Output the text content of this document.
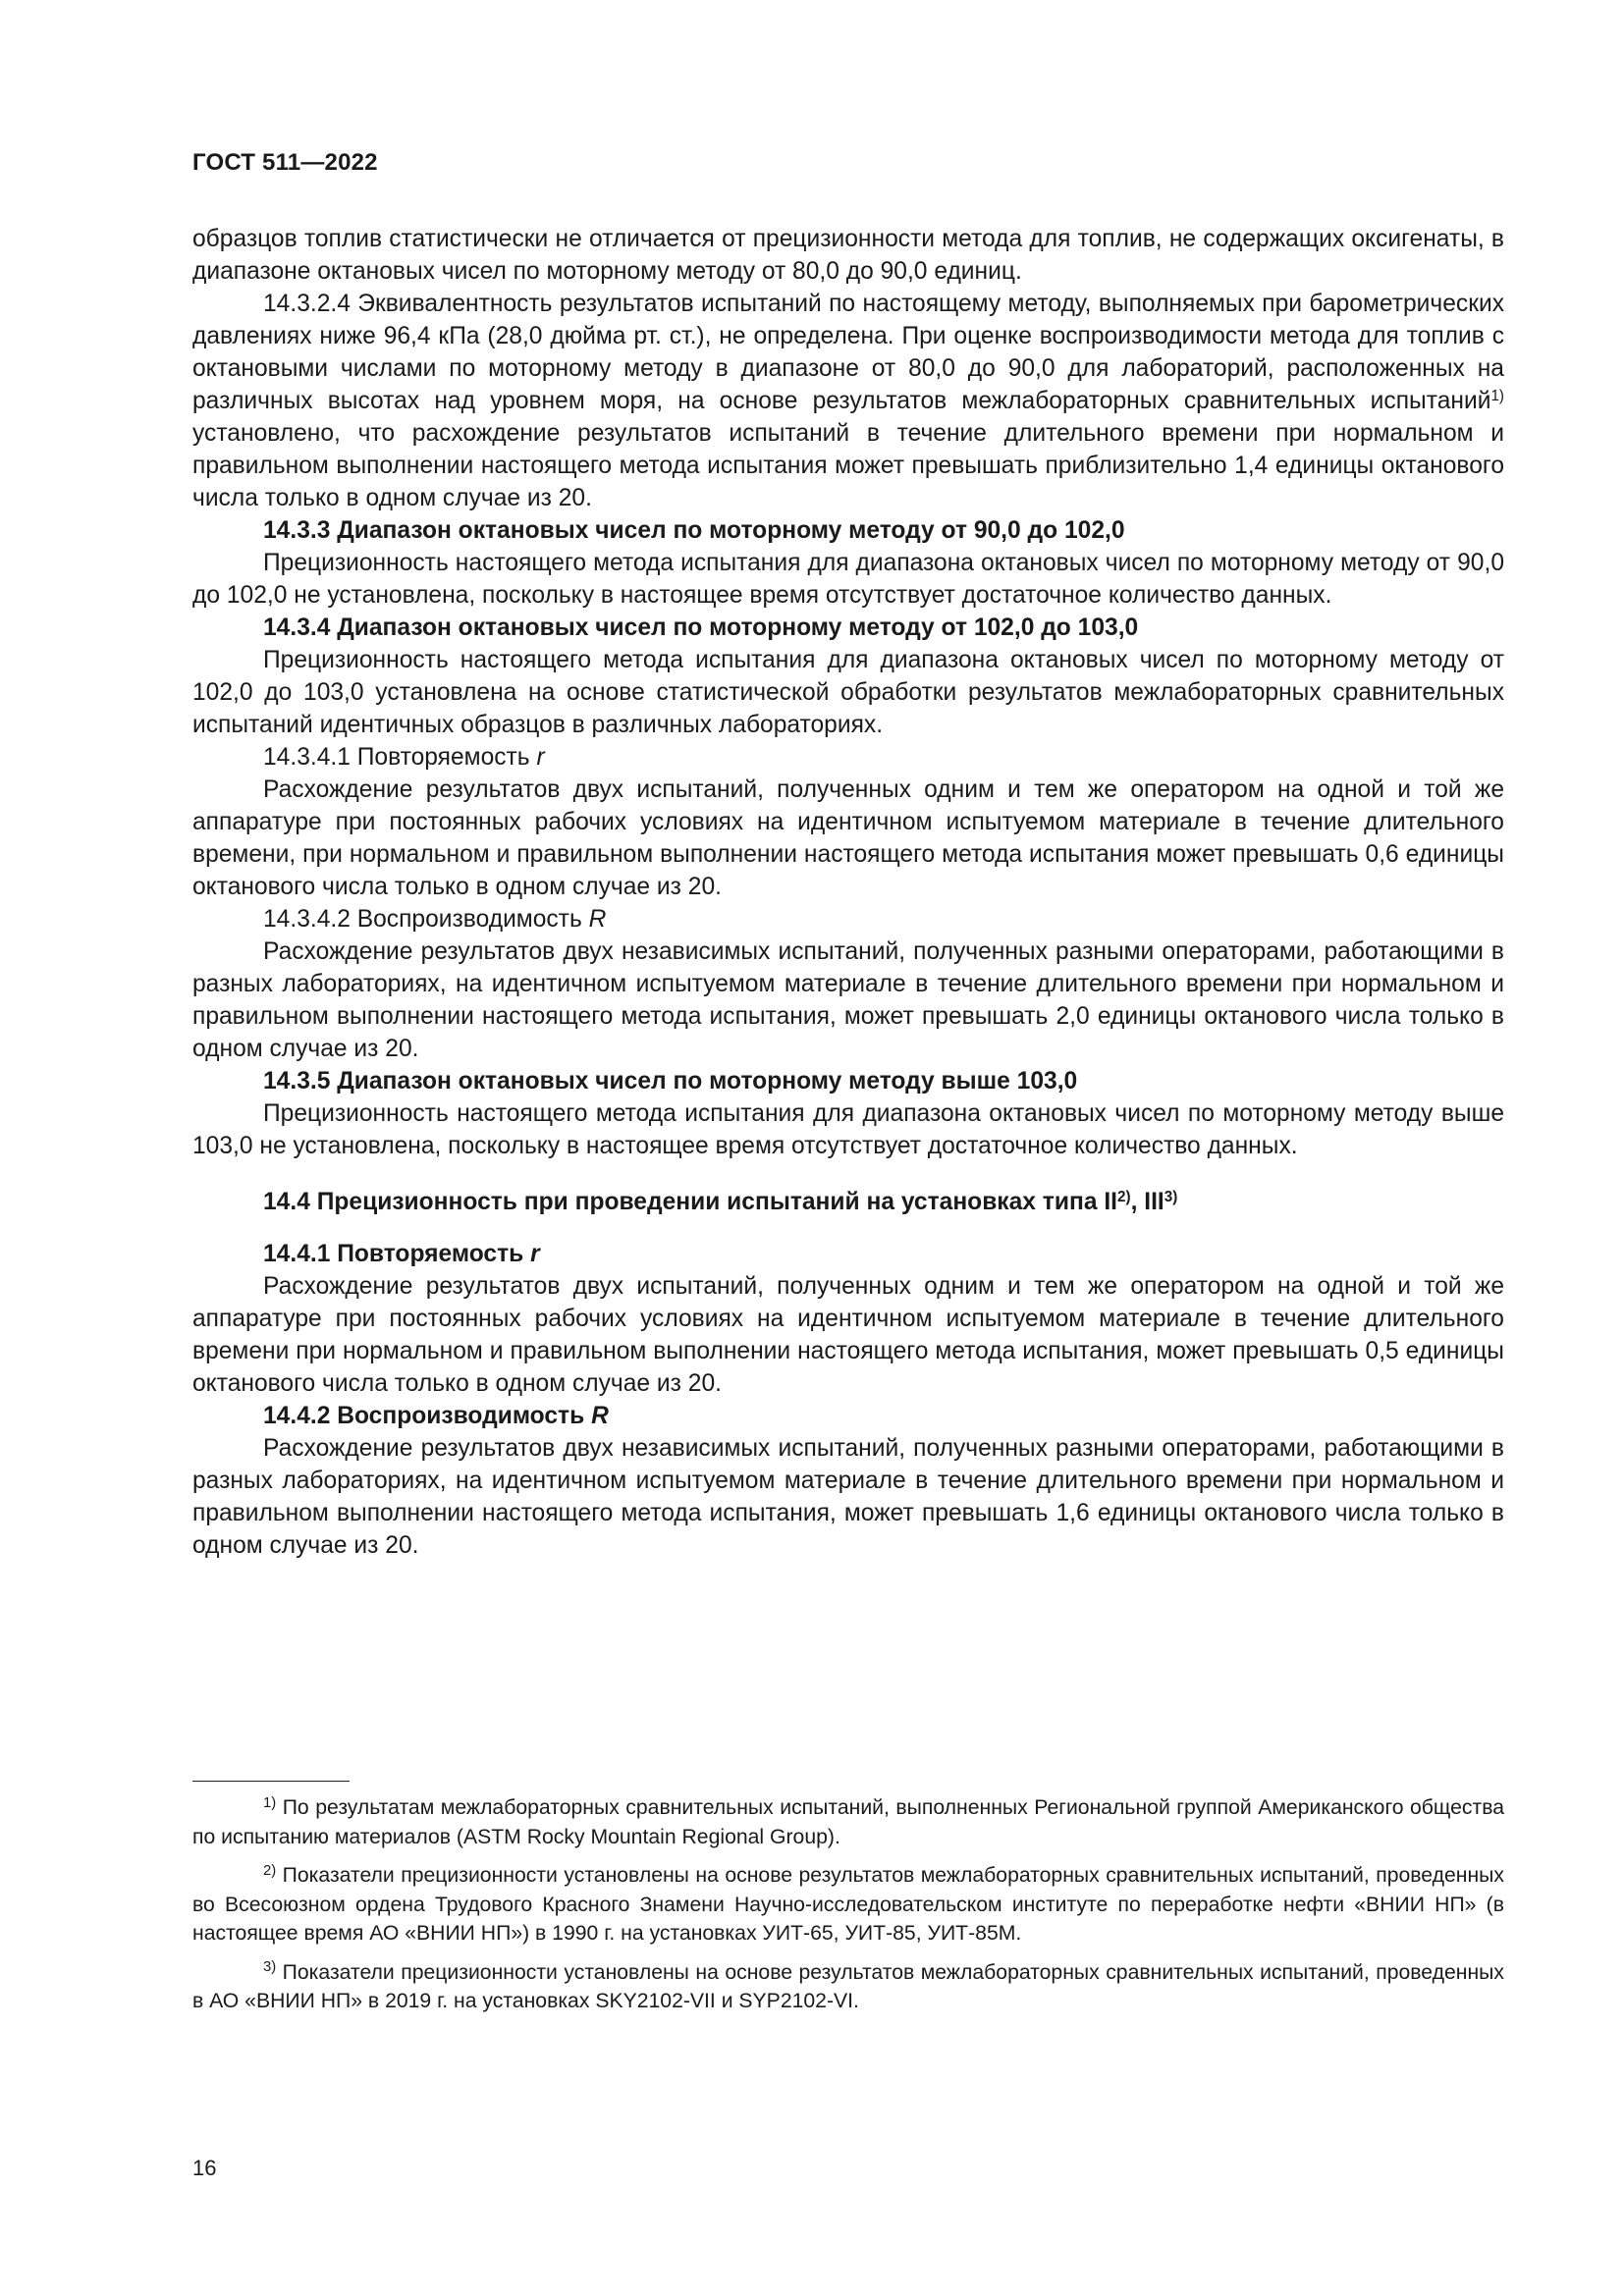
ГОСТ 511—2022

образцов топлив статистически не отличается от прецизионности метода для топлив, не содержащих оксигенаты, в диапазоне октановых чисел по моторному методу от 80,0 до 90,0 единиц.

14.3.2.4 Эквивалентность результатов испытаний по настоящему методу, выполняемых при барометрических давлениях ниже 96,4 кПа (28,0 дюйма рт. ст.), не определена. При оценке воспроизводимости метода для топлив с октановыми числами по моторному методу в диапазоне от 80,0 до 90,0 для лабораторий, расположенных на различных высотах над уровнем моря, на основе результатов межлабораторных сравнительных испытаний$^{1)}$ установлено, что расхождение результатов испытаний в течение длительного времени при нормальном и правильном выполнении настоящего метода испытания может превышать приблизительно 1,4 единицы октанового числа только в одном случае из 20.

14.3.3 Диапазон октановых чисел по моторному методу от 90,0 до 102,0

Прецизионность настоящего метода испытания для диапазона октановых чисел по моторному методу от 90,0 до 102,0 не установлена, поскольку в настоящее время отсутствует достаточное количество данных.

14.3.4 Диапазон октановых чисел по моторному методу от 102,0 до 103,0

Прецизионность настоящего метода испытания для диапазона октановых чисел по моторному методу от 102,0 до 103,0 установлена на основе статистической обработки результатов межлабораторных сравнительных испытаний идентичных образцов в различных лабораториях.

14.3.4.1 Повторяемость r

Расхождение результатов двух испытаний, полученных одним и тем же оператором на одной и той же аппаратуре при постоянных рабочих условиях на идентичном испытуемом материале в течение длительного времени, при нормальном и правильном выполнении настоящего метода испытания может превышать 0,6 единицы октанового числа только в одном случае из 20.

14.3.4.2 Воспроизводимость R

Расхождение результатов двух независимых испытаний, полученных разными операторами, работающими в разных лабораториях, на идентичном испытуемом материале в течение длительного времени при нормальном и правильном выполнении настоящего метода испытания, может превышать 2,0 единицы октанового числа только в одном случае из 20.

14.3.5 Диапазон октановых чисел по моторному методу выше 103,0

Прецизионность настоящего метода испытания для диапазона октановых чисел по моторному методу выше 103,0 не установлена, поскольку в настоящее время отсутствует достаточное количество данных.

14.4 Прецизионность при проведении испытаний на установках типа II$^{2)}$, III$^{3)}$

14.4.1 Повторяемость r

Расхождение результатов двух испытаний, полученных одним и тем же оператором на одной и той же аппаратуре при постоянных рабочих условиях на идентичном испытуемом материале в течение длительного времени при нормальном и правильном выполнении настоящего метода испытания, может превышать 0,5 единицы октанового числа только в одном случае из 20.

14.4.2 Воспроизводимость R

Расхождение результатов двух независимых испытаний, полученных разными операторами, работающими в разных лабораториях, на идентичном испытуемом материале в течение длительного времени при нормальном и правильном выполнении настоящего метода испытания, может превышать 1,6 единицы октанового числа только в одном случае из 20.

$^{1)}$ По результатам межлабораторных сравнительных испытаний, выполненных Региональной группой Американского общества по испытанию материалов (ASTM Rocky Mountain Regional Group).

$^{2)}$ Показатели прецизионности установлены на основе результатов межлабораторных сравнительных испытаний, проведенных во Всесоюзном ордена Трудового Красного Знамени Научно-исследовательском институте по переработке нефти «ВНИИ НП» (в настоящее время АО «ВНИИ НП») в 1990 г. на установках УИТ-65, УИТ-85, УИТ-85М.

$^{3)}$ Показатели прецизионности установлены на основе результатов межлабораторных сравнительных испытаний, проведенных в АО «ВНИИ НП» в 2019 г. на установках SKY2102-VII и SYP2102-VI.

16
